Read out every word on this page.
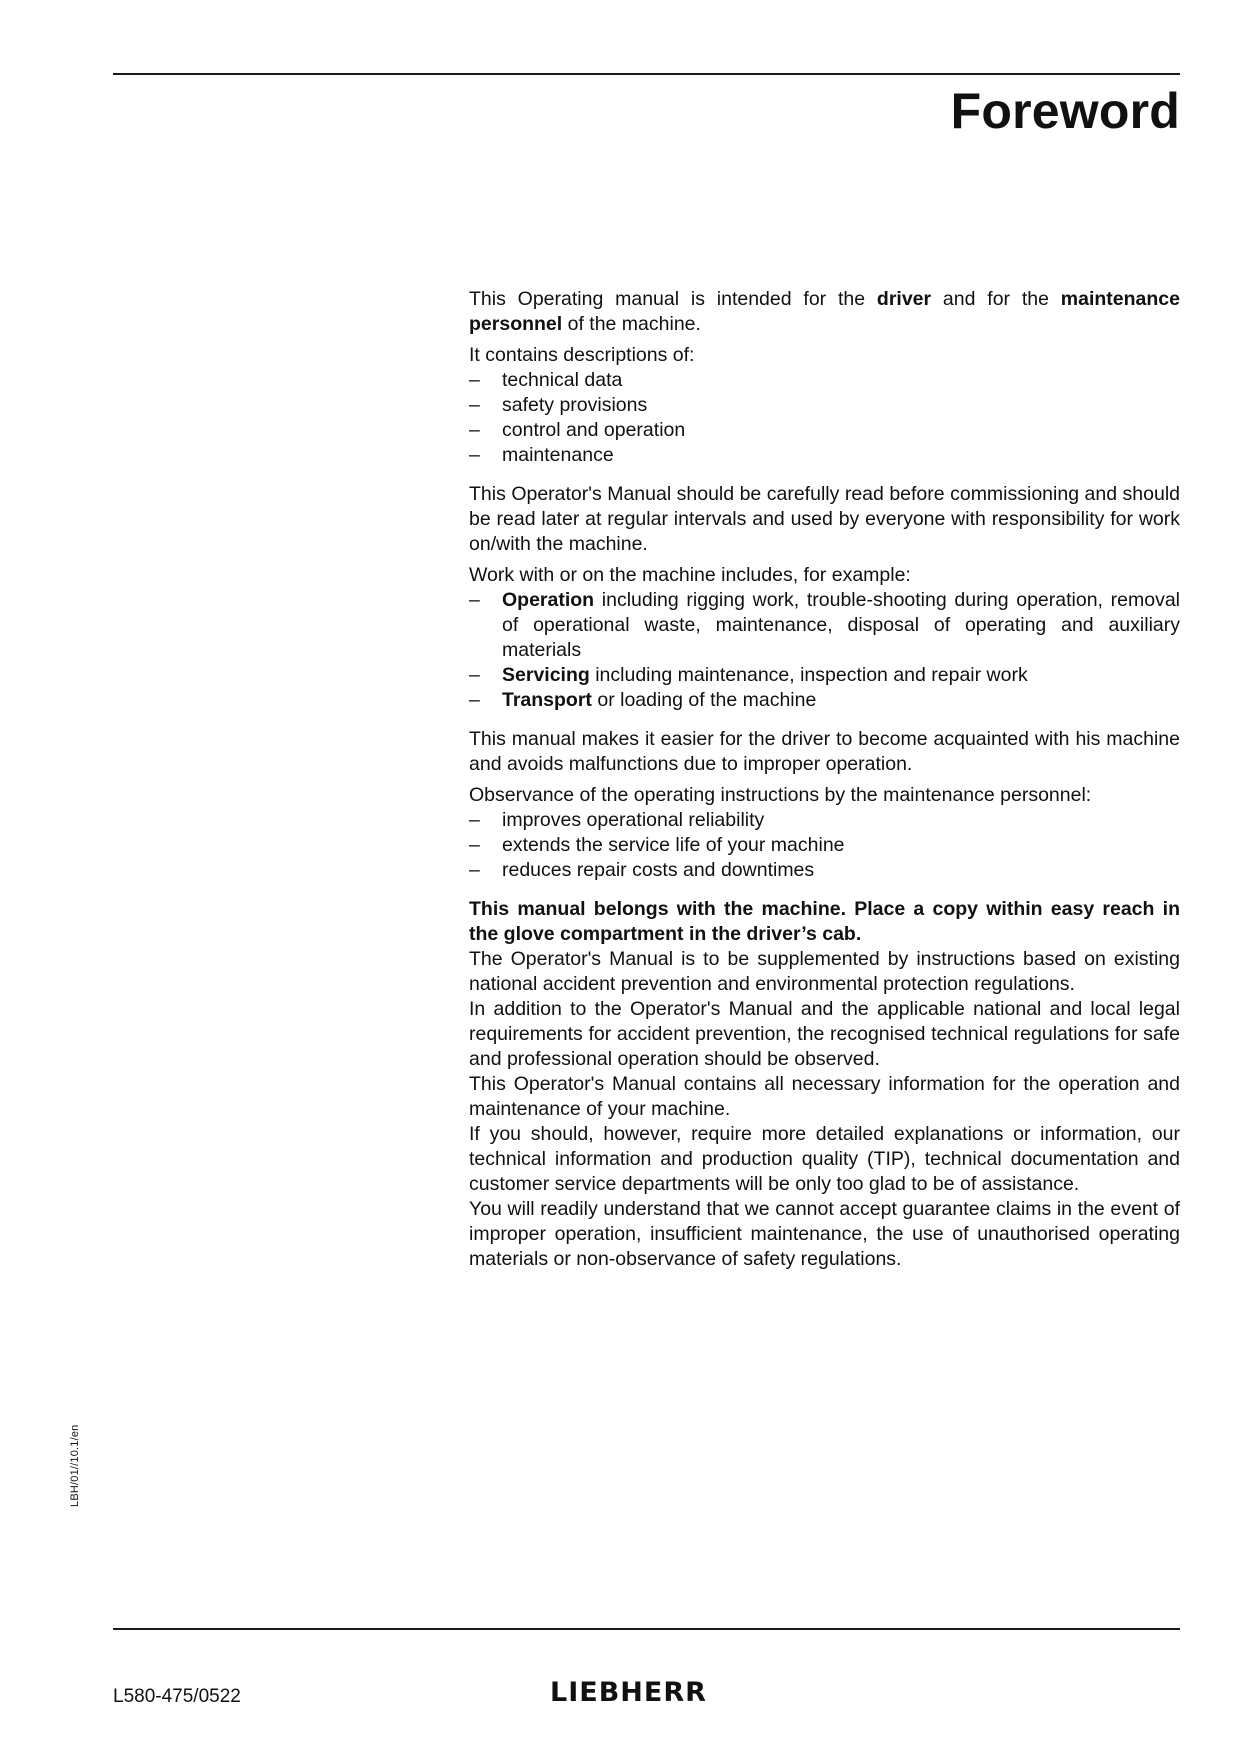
Foreword

This Operating manual is intended for the driver and for the maintenance personnel of the machine.

It contains descriptions of:

– technical data
– safety provisions
– control and operation
– maintenance

This Operator's Manual should be carefully read before commissioning and should be read later at regular intervals and used by everyone with responsibility for work on/with the machine.

Work with or on the machine includes, for example:

– Operation including rigging work, trouble-shooting during operation, removal of operational waste, maintenance, disposal of operating and auxiliary materials
– Servicing including maintenance, inspection and repair work
– Transport or loading of the machine

This manual makes it easier for the driver to become acquainted with his machine and avoids malfunctions due to improper operation.

Observance of the operating instructions by the maintenance personnel:

– improves operational reliability
– extends the service life of your machine
– reduces repair costs and downtimes

This manual belongs with the machine. Place a copy within easy reach in the glove compartment in the driver’s cab.

The Operator's Manual is to be supplemented by instructions based on existing national accident prevention and environmental protection regulations.

In addition to the Operator's Manual and the applicable national and local legal requirements for accident prevention, the recognised technical regulations for safe and professional operation should be observed.

This Operator's Manual contains all necessary information for the operation and maintenance of your machine.

If you should, however, require more detailed explanations or information, our technical information and production quality (TIP), technical documentation and customer service departments will be only too glad to be of assistance.

You will readily understand that we cannot accept guarantee claims in the event of improper operation, insufficient maintenance, the use of unauthorised operating materials or non-observance of safety regulations.

LBH/01//10.1/en
L580-475/0522	LIEBHERR
